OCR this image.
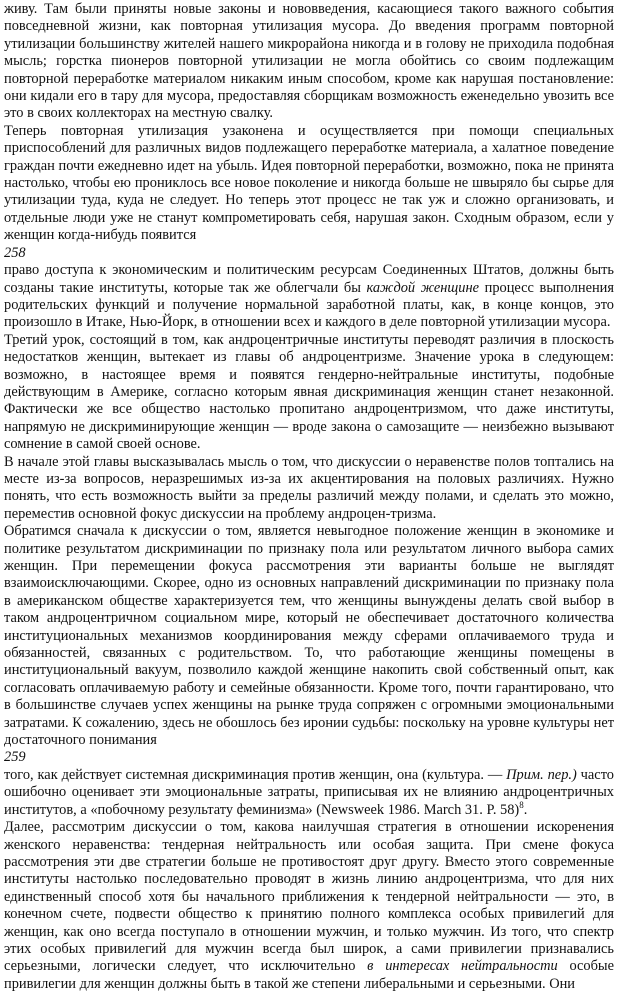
живу. Там были приняты новые законы и нововведения, касающиеся такого важного события повседневной жизни, как повторная утилизация мусора. До введения программ повторной утилизации большинству жителей нашего микрорайона никогда и в голову не приходила подобная мысль; горстка пионеров повторной утилизации не могла обойтись со своим подлежащим повторной переработке материалом никаким иным способом, кроме как нарушая постановление: они кидали его в тару для мусора, предоставляя сборщикам возможность еженедельно увозить все это в своих коллекторах на местную свалку.

Теперь повторная утилизация узаконена и осуществляется при помощи специальных приспособлений для различных видов подлежащего переработке материала, а халатное поведение граждан почти ежедневно идет на убыль. Идея повторной переработки, возможно, пока не принята настолько, чтобы ею прониклось все новое поколение и никогда больше не швыряло бы сырье для утилизации туда, куда не следует. Но теперь этот процесс не так уж и сложно организовать, и отдельные люди уже не станут компрометировать себя, нарушая закон. Сходным образом, если у женщин когда-нибудь появится

258

право доступа к экономическим и политическим ресурсам Соединенных Штатов, должны быть созданы такие институты, которые так же облегчали бы каждой женщине процесс выполнения родительских функций и получение нормальной заработной платы, как, в конце концов, это произошло в Итаке, Нью-Йорк, в отношении всех и каждого в деле повторной утилизации мусора.

Третий урок, состоящий в том, как андроцентричные институты переводят различия в плоскость недостатков женщин, вытекает из главы об андроцентризме. Значение урока в следующем: возможно, в настоящее время и появятся гендерно-нейтральные институты, подобные действующим в Америке, согласно которым явная дискриминация женщин станет незаконной. Фактически же все общество настолько пропитано андроцентризмом, что даже институты, напрямую не дискриминирующие женщин — вроде закона о самозащите — неизбежно вызывают сомнение в самой своей основе.

В начале этой главы высказывалась мысль о том, что дискуссии о неравенстве полов топтались на месте из-за вопросов, неразрешимых из-за их акцентирования на половых различиях. Нужно понять, что есть возможность выйти за пределы различий между полами, и сделать это можно, переместив основной фокус дискуссии на проблему андроцен-тризма.

Обратимся сначала к дискуссии о том, является невыгодное положение женщин в экономике и политике результатом дискриминации по признаку пола или результатом личного выбора самих женщин. При перемещении фокуса рассмотрения эти варианты больше не выглядят взаимоисключающими. Скорее, одно из основных направлений дискриминации по признаку пола в американском обществе характеризуется тем, что женщины вынуждены делать свой выбор в таком андроцентричном социальном мире, который не обеспечивает достаточного количества институциональных механизмов координирования между сферами оплачиваемого труда и обязанностей, связанных с родительством. То, что работающие женщины помещены в институциональный вакуум, позволило каждой женщине накопить свой собственный опыт, как согласовать оплачиваемую работу и семейные обязанности. Кроме того, почти гарантировано, что в большинстве случаев успех женщины на рынке труда сопряжен с огромными эмоциональными затратами. К сожалению, здесь не обошлось без иронии судьбы: поскольку на уровне культуры нет достаточного понимания

259

того, как действует системная дискриминация против женщин, она (культура. — Прим. пер.) часто ошибочно оценивает эти эмоциональные затраты, приписывая их не влиянию андроцентричных институтов, а «побочному результату феминизма» (Newsweek 1986. March 31. P. 58)$^8$.

Далее, рассмотрим дискуссии о том, какова наилучшая стратегия в отношении искоренения женского неравенства: тендерная нейтральность или особая защита. При смене фокуса рассмотрения эти две стратегии больше не противостоят друг другу. Вместо этого современные институты настолько последовательно проводят в жизнь линию андроцентризма, что для них единственный способ хотя бы начального приближения к тендерной нейтральности — это, в конечном счете, подвести общество к принятию полного комплекса особых привилегий для женщин, как оно всегда поступало в отношении мужчин, и только мужчин. Из того, что спектр этих особых привилегий для мужчин всегда был широк, а сами привилегии признавались серьезными, логически следует, что исключительно в интересах нейтральности особые привилегии для женщин должны быть в такой же степени либеральными и серьезными. Они
